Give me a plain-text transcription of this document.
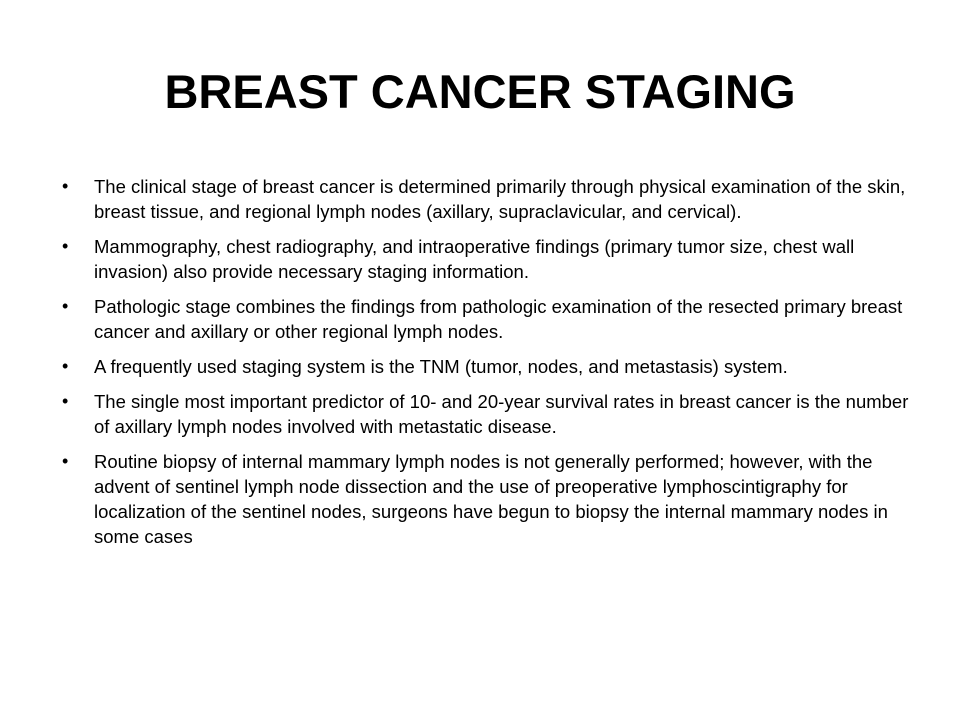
BREAST CANCER STAGING
• The clinical stage of breast cancer is determined primarily through physical examination of the skin, breast tissue, and regional lymph nodes (axillary, supraclavicular, and cervical).
• Mammography, chest radiography, and intraoperative findings (primary tumor size, chest wall invasion) also provide necessary staging information.
• Pathologic stage combines the findings from pathologic examination of the resected primary breast cancer and axillary or other regional lymph nodes.
• A frequently used staging system is the TNM (tumor, nodes, and metastasis) system.
• The single most important predictor of 10- and 20-year survival rates in breast cancer is the number of axillary lymph nodes involved with metastatic disease.
• Routine biopsy of internal mammary lymph nodes is not generally performed; however, with the advent of sentinel lymph node dissection and the use of preoperative lymphoscintigraphy for localization of the sentinel nodes, surgeons have begun to biopsy the internal mammary nodes in some cases
